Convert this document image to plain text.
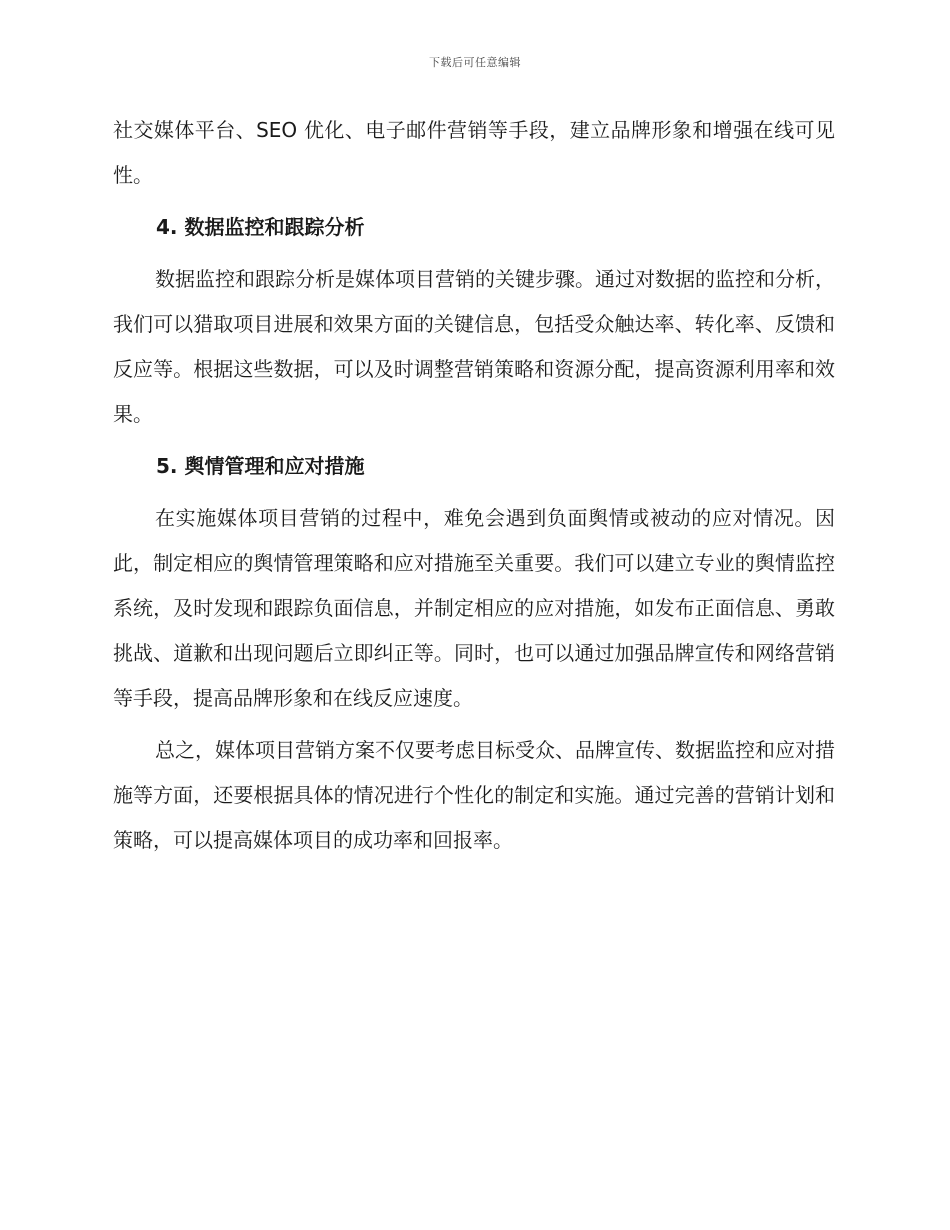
下载后可任意编辑

社交媒体平台、SEO 优化、电子邮件营销等手段，建立品牌形象和增强在线可见性。

4. 数据监控和跟踪分析

数据监控和跟踪分析是媒体项目营销的关键步骤。通过对数据的监控和分析，我们可以猎取项目进展和效果方面的关键信息，包括受众触达率、转化率、反馈和反应等。根据这些数据，可以及时调整营销策略和资源分配，提高资源利用率和效果。

5. 舆情管理和应对措施

在实施媒体项目营销的过程中，难免会遇到负面舆情或被动的应对情况。因此，制定相应的舆情管理策略和应对措施至关重要。我们可以建立专业的舆情监控系统，及时发现和跟踪负面信息，并制定相应的应对措施，如发布正面信息、勇敢挑战、道歉和出现问题后立即纠正等。同时，也可以通过加强品牌宣传和网络营销等手段，提高品牌形象和在线反应速度。

总之，媒体项目营销方案不仅要考虑目标受众、品牌宣传、数据监控和应对措施等方面，还要根据具体的情况进行个性化的制定和实施。通过完善的营销计划和策略，可以提高媒体项目的成功率和回报率。
